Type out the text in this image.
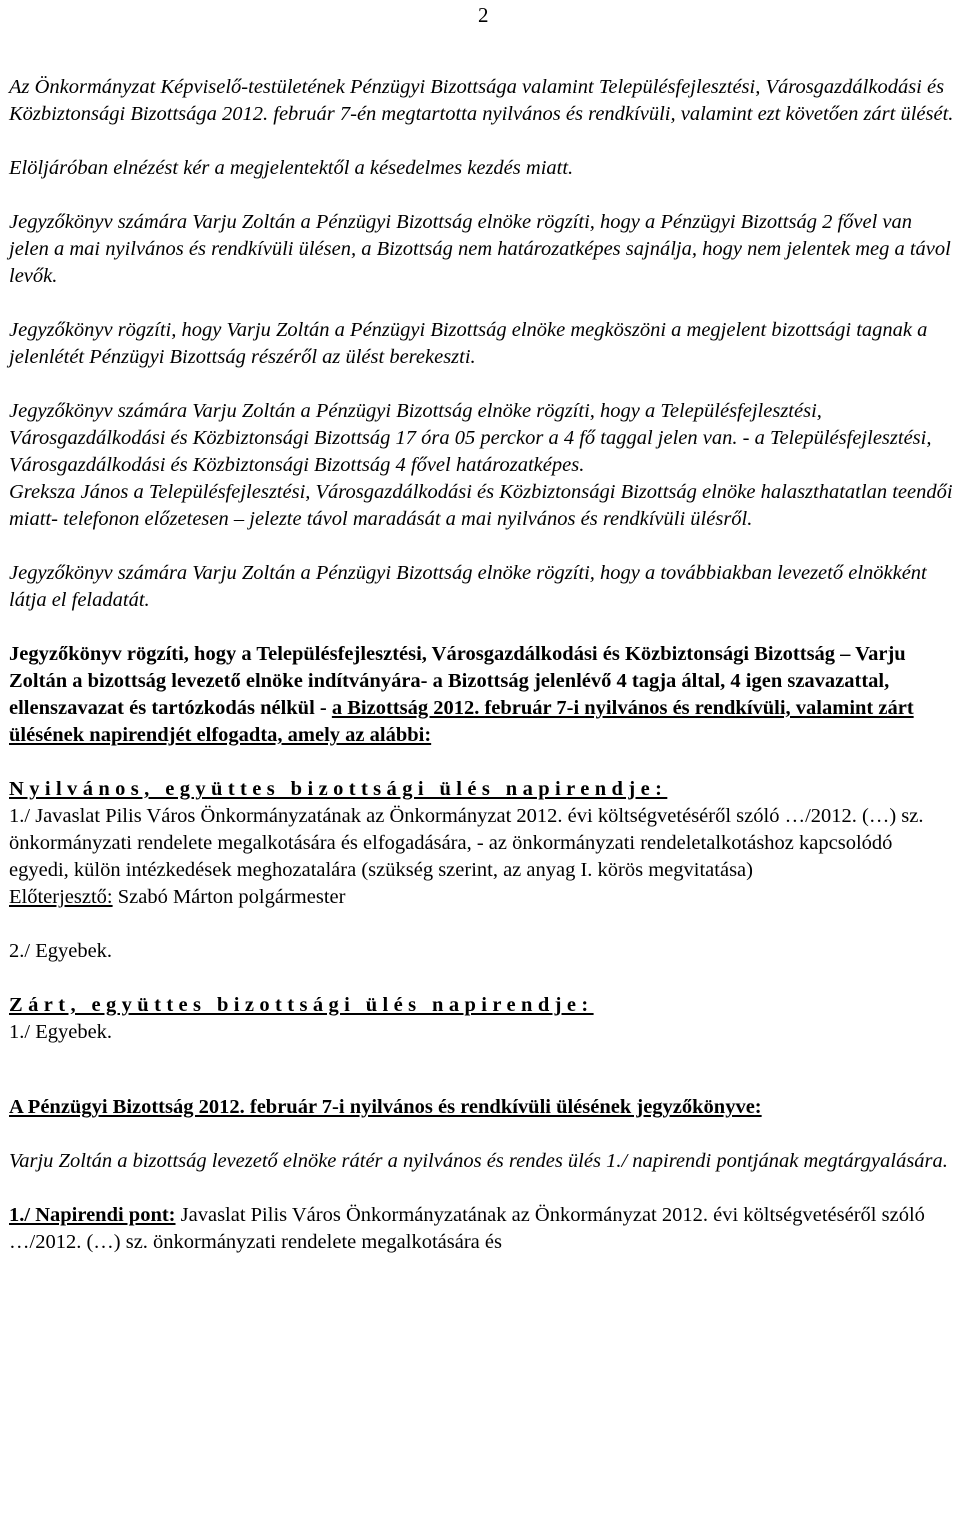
2

Az Önkormányzat Képviselő-testületének Pénzügyi Bizottsága valamint Településfejlesztési, Városgazdálkodási és Közbiztonsági Bizottsága 2012. február 7-én megtartotta nyilvános és rendkívüli, valamint ezt követően zárt ülését.

Elöljáróban elnézést kér a megjelentektől a késedelmes kezdés miatt.

Jegyzőkönyv számára Varju Zoltán a Pénzügyi Bizottság elnöke rögzíti, hogy a Pénzügyi Bizottság 2 fővel van jelen a mai nyilvános és rendkívüli ülésen, a Bizottság nem határozatképes sajnálja, hogy nem jelentek meg a távol levők.

Jegyzőkönyv rögzíti, hogy Varju Zoltán a Pénzügyi Bizottság elnöke megköszöni a megjelent bizottsági tagnak a jelenlétét Pénzügyi Bizottság részéről az ülést berekeszti.

Jegyzőkönyv számára Varju Zoltán a Pénzügyi Bizottság elnöke rögzíti, hogy a Településfejlesztési, Városgazdálkodási és Közbiztonsági Bizottság 17 óra 05 perckor a 4 fő taggal jelen van. - a Településfejlesztési, Városgazdálkodási és Közbiztonsági Bizottság 4 fővel határozatképes.

Greksza János a Településfejlesztési, Városgazdálkodási és Közbiztonsági Bizottság elnöke halaszthatatlan teendői miatt- telefonon előzetesen – jelezte távol maradását a mai nyilvános és rendkívüli ülésről.

Jegyzőkönyv számára Varju Zoltán a Pénzügyi Bizottság elnöke rögzíti, hogy a továbbiakban levezető elnökként látja el feladatát.

Jegyzőkönyv rögzíti, hogy a Településfejlesztési, Városgazdálkodási és Közbiztonsági Bizottság – Varju Zoltán a bizottság levezető elnöke indítványára- a Bizottság jelenlévő 4 tagja által, 4 igen szavazattal, ellenszavazat és tartózkodás nélkül - a Bizottság 2012. február 7-i nyilvános és rendkívüli, valamint zárt ülésének napirendjét elfogadta, amely az alábbi:

Nyilvános, együttes bizottsági ülés napirendje:

1./ Javaslat Pilis Város Önkormányzatának az Önkormányzat 2012. évi költségvetéséről szóló …/2012. (…) sz. önkormányzati rendelete megalkotására és elfogadására, - az önkormányzati rendeletalkotáshoz kapcsolódó egyedi, külön intézkedések meghozatalára (szükség szerint, az anyag I. körös megvitatása)

Előterjesztő: Szabó Márton polgármester

2./ Egyebek.

Zárt, együttes bizottsági ülés napirendje:

1./ Egyebek.

A Pénzügyi Bizottság 2012. február 7-i nyilvános és rendkívüli ülésének jegyzőkönyve:

Varju Zoltán a bizottság levezető elnöke rátér a nyilvános és rendes ülés 1./ napirendi pontjának megtárgyalására.

1./ Napirendi pont: Javaslat Pilis Város Önkormányzatának az Önkormányzat 2012. évi költségvetéséről szóló …/2012. (…) sz. önkormányzati rendelete megalkotására és
